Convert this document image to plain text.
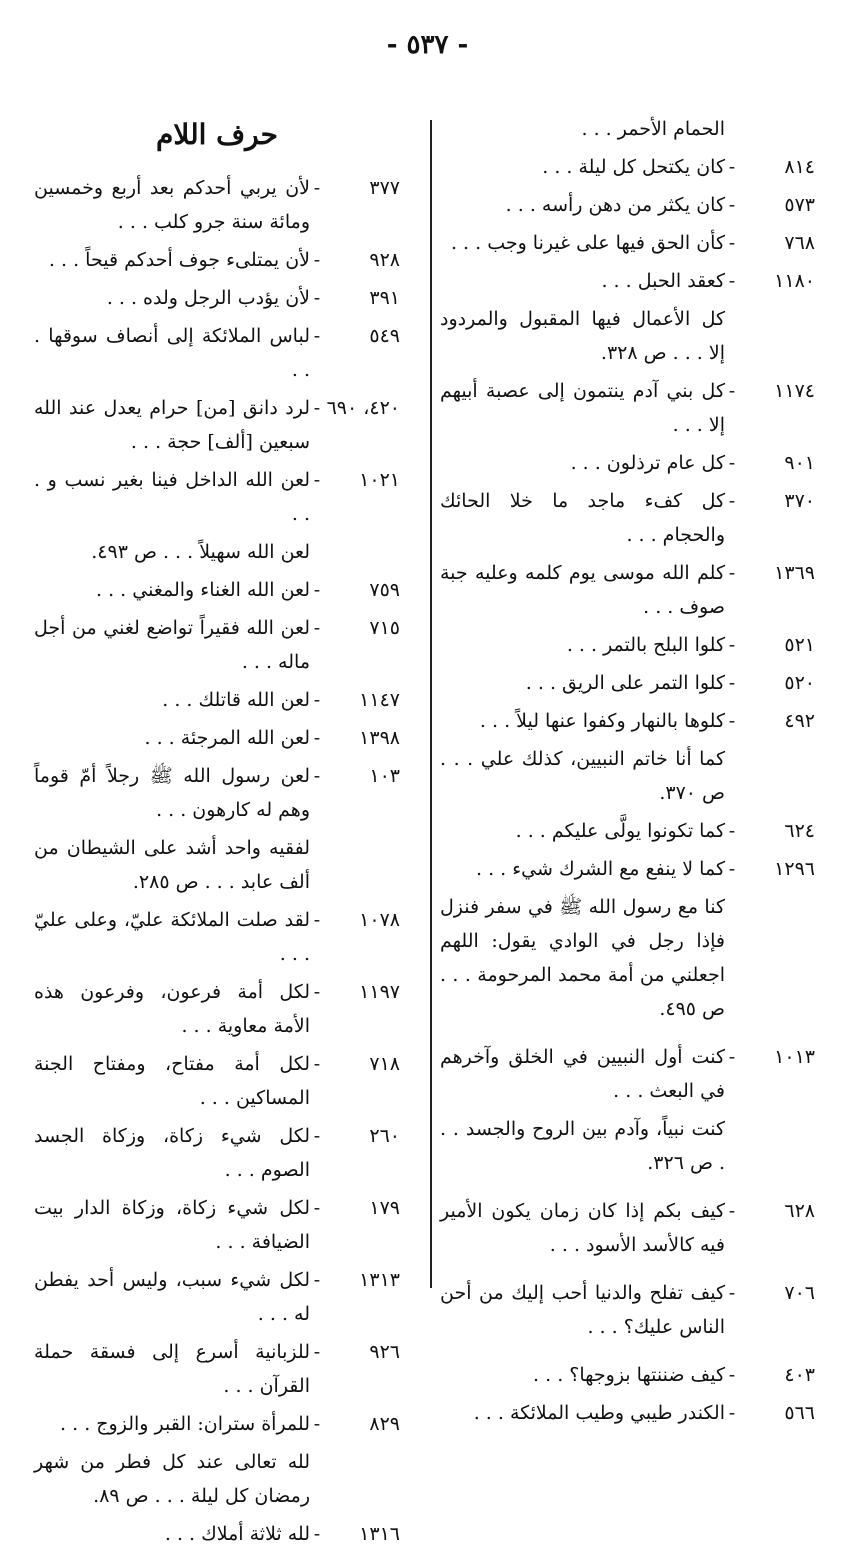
- ٥٣٧ -
الحمام الأحمر . . .
٨١٤
-
كان يكتحل كل ليلة . . .
٥٧٣
-
كان يكثر من دهن رأسه . . .
٧٦٨
-
كأن الحق فيها على غيرنا وجب . . .
١١٨٠
-
كعقد الحبل . . .
كل الأعمال فيها المقبول والمردود إلا . . . ص ٣٢٨.
١١٧٤
-
كل بني آدم ينتمون إلى عصبة أبيهم إلا . . .
٩٠١
-
كل عام ترذلون . . .
٣٧٠
-
كل كفء ماجد ما خلا الحائك والحجام . . .
١٣٦٩
-
كلم الله موسى يوم كلمه وعليه جبة صوف . . .
٥٢١
-
كلوا البلح بالتمر . . .
٥٢٠
-
كلوا التمر على الريق . . .
٤٩٢
-
كلوها بالنهار وكفوا عنها ليلاً . . .
كما أنا خاتم النبيين، كذلك علي . . . ص ٣٧٠.
٦٢٤
-
كما تكونوا يولَّى عليكم . . .
١٢٩٦
-
كما لا ينفع مع الشرك شيء . . .
كنا مع رسول الله ﷺ في سفر فنزل فإذا رجل في الوادي يقول: اللهم اجعلني من أمة محمد المرحومة . . . ص ٤٩٥.
١٠١٣
-
كنت أول النبيين في الخلق وآخرهم في البعث . . .
كنت نبياً، وآدم بين الروح والجسد . . . ص ٣٢٦.
٦٢٨
-
كيف بكم إذا كان زمان يكون الأمير فيه كالأسد الأسود . . .
٧٠٦
-
كيف تفلح والدنيا أحب إليك من أحن الناس عليك؟ . . .
٤٠٣
-
كيف ضننتها بزوجها؟ . . .
٥٦٦
-
الكندر طيبي وطيب الملائكة . . .
حرف اللام
٣٧٧
-
لأن يربي أحدكم بعد أربع وخمسين ومائة سنة جرو كلب . . .
٩٢٨
-
لأن يمتلىء جوف أحدكم قيحاً . . .
٣٩١
-
لأن يؤدب الرجل ولده . . .
٥٤٩
-
لباس الملائكة إلى أنصاف سوقها . . .
٤٢٠، ٦٩٠
-
لرد دانق [من] حرام يعدل عند الله سبعين [ألف] حجة . . .
١٠٢١
-
لعن الله الداخل فينا بغير نسب و . . .
لعن الله سهيلاً . . . ص ٤٩٣.
٧٥٩
-
لعن الله الغناء والمغني . . .
٧١٥
-
لعن الله فقيراً تواضع لغني من أجل ماله . . .
١١٤٧
-
لعن الله قاتلك . . .
١٣٩٨
-
لعن الله المرجئة . . .
١٠٣
-
لعن رسول الله ﷺ رجلاً أمّ قوماً وهم له كارهون . . .
لفقيه واحد أشد على الشيطان من ألف عابد . . . ص ٢٨٥.
١٠٧٨
-
لقد صلت الملائكة عليّ، وعلى عليّ . . .
١١٩٧
-
لكل أمة فرعون، وفرعون هذه الأمة معاوية . . .
٧١٨
-
لكل أمة مفتاح، ومفتاح الجنة المساكين . . .
٢٦٠
-
لكل شيء زكاة، وزكاة الجسد الصوم . . .
١٧٩
-
لكل شيء زكاة، وزكاة الدار بيت الضيافة . . .
١٣١٣
-
لكل شيء سبب، وليس أحد يفطن له . . .
٩٢٦
-
للزبانية أسرع إلى فسقة حملة القرآن . . .
٨٢٩
-
للمرأة ستران: القبر والزوج . . .
لله تعالى عند كل فطر من شهر رمضان كل ليلة . . . ص ٨٩.
١٣١٦
-
لله ثلاثة أملاك . . .
